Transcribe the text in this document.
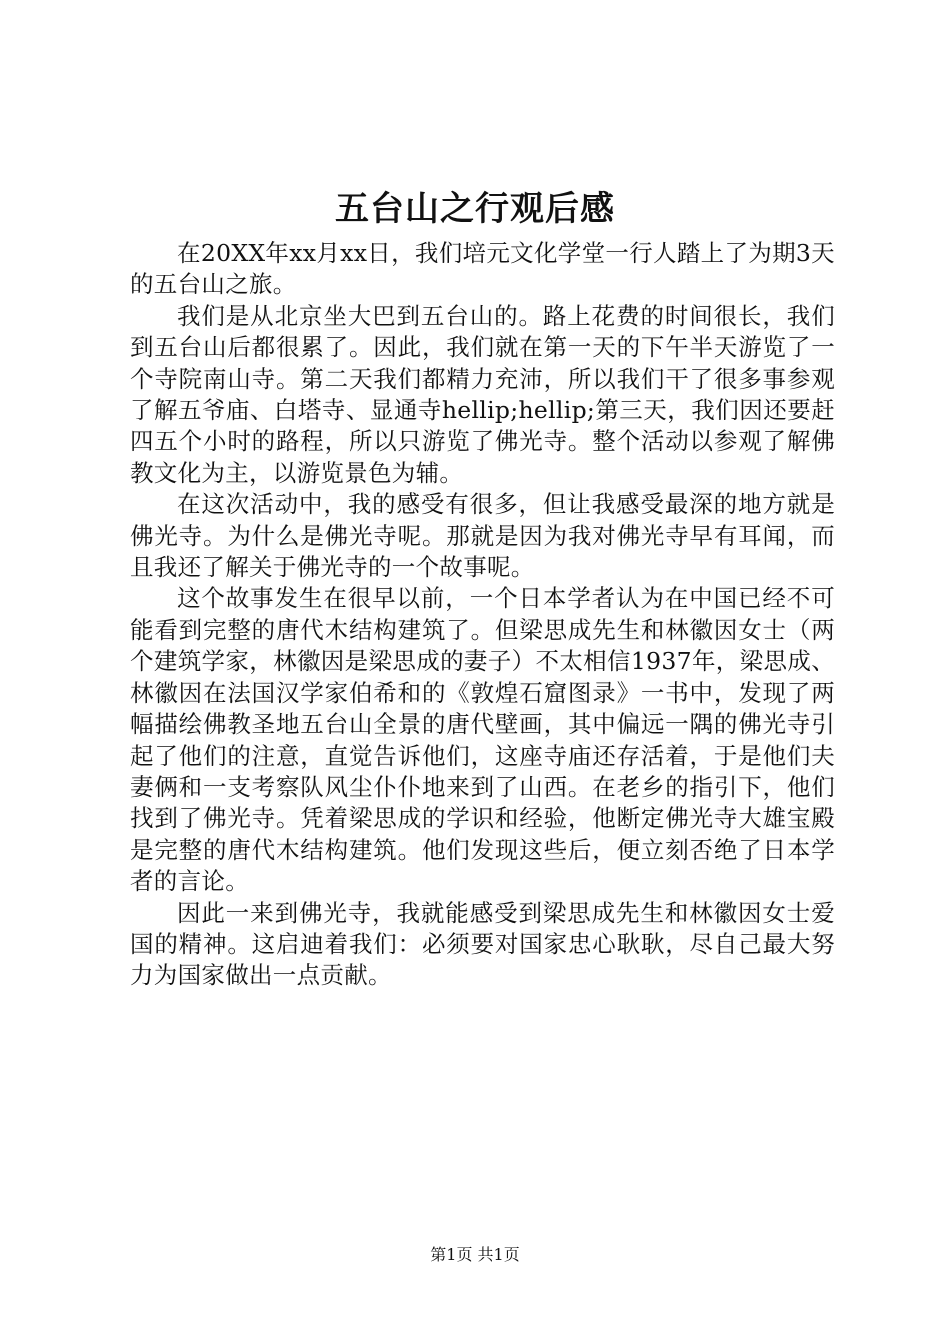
五台山之行观后感

在20XX年xx月xx日，我们培元文化学堂一行人踏上了为期3天的五台山之旅。

我们是从北京坐大巴到五台山的。路上花费的时间很长，我们到五台山后都很累了。因此，我们就在第一天的下午半天游览了一个寺院南山寺。第二天我们都精力充沛，所以我们干了很多事参观了解五爷庙、白塔寺、显通寺hellip;hellip;第三天，我们因还要赶四五个小时的路程，所以只游览了佛光寺。整个活动以参观了解佛教文化为主，以游览景色为辅。

在这次活动中，我的感受有很多，但让我感受最深的地方就是佛光寺。为什么是佛光寺呢。那就是因为我对佛光寺早有耳闻，而且我还了解关于佛光寺的一个故事呢。

这个故事发生在很早以前，一个日本学者认为在中国已经不可能看到完整的唐代木结构建筑了。但梁思成先生和林徽因女士（两个建筑学家，林徽因是梁思成的妻子）不太相信1937年，梁思成、林徽因在法国汉学家伯希和的《敦煌石窟图录》一书中，发现了两幅描绘佛教圣地五台山全景的唐代壁画，其中偏远一隅的佛光寺引起了他们的注意，直觉告诉他们，这座寺庙还存活着，于是他们夫妻俩和一支考察队风尘仆仆地来到了山西。在老乡的指引下，他们找到了佛光寺。凭着梁思成的学识和经验，他断定佛光寺大雄宝殿是完整的唐代木结构建筑。他们发现这些后，便立刻否绝了日本学者的言论。

因此一来到佛光寺，我就能感受到梁思成先生和林徽因女士爱国的精神。这启迪着我们：必须要对国家忠心耿耿，尽自己最大努力为国家做出一点贡献。

第1页 共1页
